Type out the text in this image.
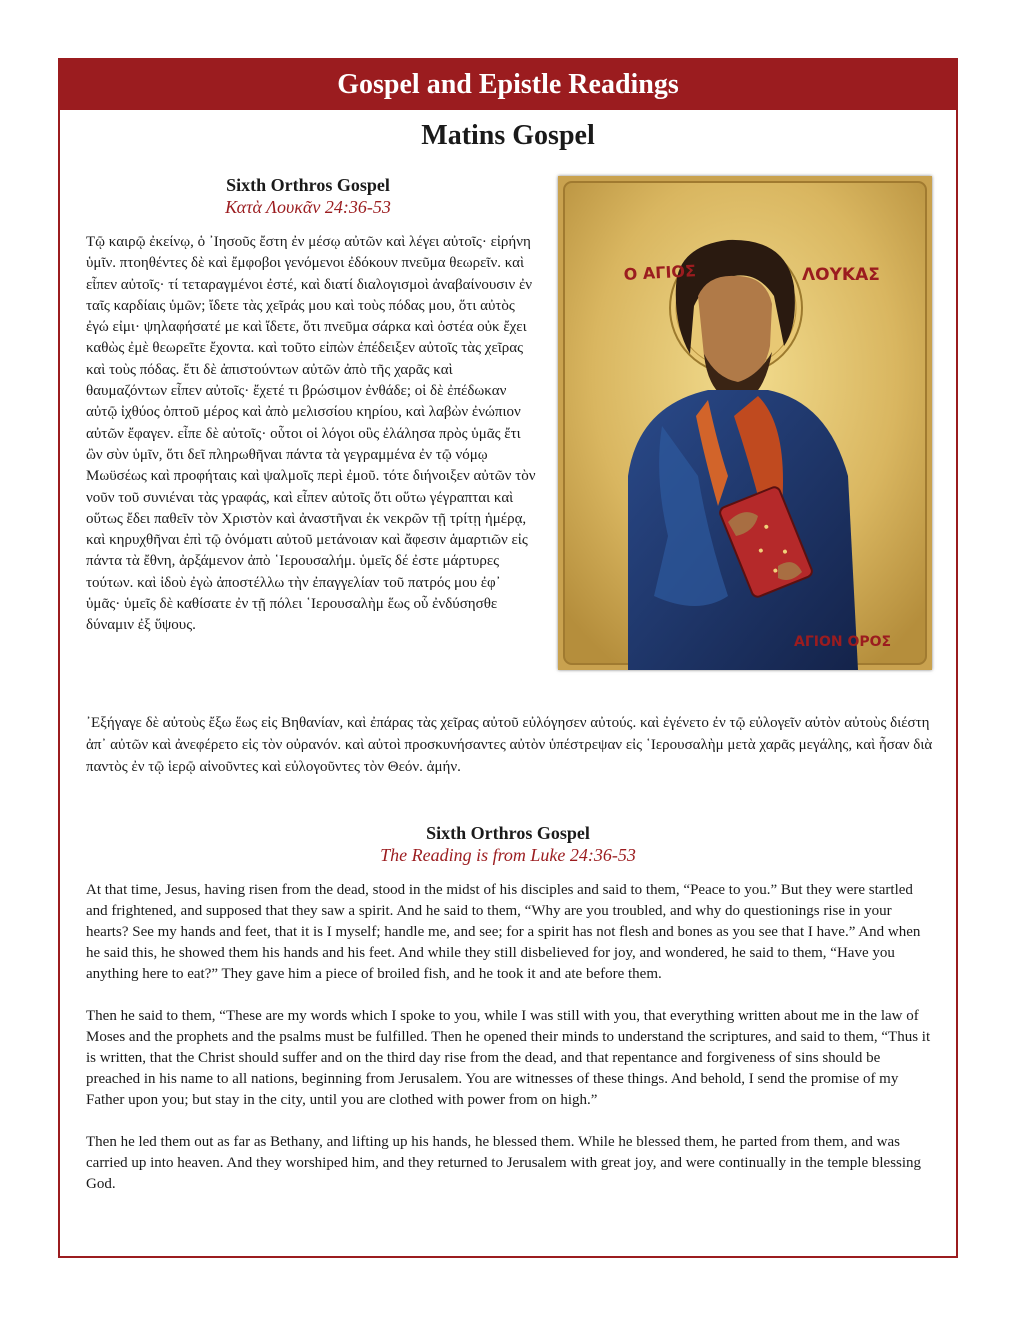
Gospel and Epistle Readings
Matins Gospel
Sixth Orthros Gospel
Κατὰ Λουκᾶν 24:36-53

Τῷ καιρῷ ἐκείνῳ, ὁ ᾿Ιησοῦς ἔστη ἐν μέσῳ αὐτῶν καὶ λέγει αὐτοῖς· εἰρήνη ὑμῖν. πτοηθέντες δὲ καὶ ἔμφοβοι γενόμενοι ἐδόκουν πνεῦμα θεωρεῖν. καὶ εἶπεν αὐτοῖς· τί τεταραγμένοι ἐστέ, καὶ διατί διαλογισμοὶ ἀναβαίνουσιν ἐν ταῖς καρδίαις ὑμῶν; ἴδετε τὰς χεῖράς μου καὶ τοὺς πόδας μου, ὅτι αὐτὸς ἐγώ εἰμι· ψηλαφήσατέ με καὶ ἴδετε, ὅτι πνεῦμα σάρκα καὶ ὀστέα οὐκ ἔχει καθὼς ἐμὲ θεωρεῖτε ἔχοντα. καὶ τοῦτο εἰπὼν ἐπέδειξεν αὐτοῖς τὰς χεῖρας καὶ τοὺς πόδας. ἔτι δὲ ἀπιστούντων αὐτῶν ἀπὸ τῆς χαρᾶς καὶ θαυμαζόντων εἶπεν αὐτοῖς· ἔχετέ τι βρώσιμον ἐνθάδε; οἱ δὲ ἐπέδωκαν αὐτῷ ἰχθύος ὀπτοῦ μέρος καὶ ἀπὸ μελισσίου κηρίου, καὶ λαβὼν ἐνώπιον αὐτῶν ἔφαγεν. εἶπε δὲ αὐτοῖς· οὗτοι οἱ λόγοι οὓς ἐλάλησα πρὸς ὑμᾶς ἔτι ὢν σὺν ὑμῖν, ὅτι δεῖ πληρωθῆναι πάντα τὰ γεγραμμένα ἐν τῷ νόμῳ Μωϋσέως καὶ προφήταις καὶ ψαλμοῖς περὶ ἐμοῦ. τότε διήνοιξεν αὐτῶν τὸν νοῦν τοῦ συνιέναι τὰς γραφάς, καὶ εἶπεν αὐτοῖς ὅτι οὕτω γέγραπται καὶ οὕτως ἔδει παθεῖν τὸν Χριστὸν καὶ ἀναστῆναι ἐκ νεκρῶν τῇ τρίτῃ ἡμέρᾳ, καὶ κηρυχθῆναι ἐπὶ τῷ ὀνόματι αὐτοῦ μετάνοιαν καὶ ἄφεσιν ἁμαρτιῶν εἰς πάντα τὰ ἔθνη, ἀρξάμενον ἀπὸ ῾Ιερουσαλήμ. ὑμεῖς δέ ἐστε μάρτυρες τούτων. καὶ ἰδοὺ ἐγὼ ἀποστέλλω τὴν ἐπαγγελίαν τοῦ πατρός μου ἐφ᾿ ὑμᾶς· ὑμεῖς δὲ καθίσατε ἐν τῇ πόλει ῾Ιερουσαλὴμ ἕως οὗ ἐνδύσησθε δύναμιν ἐξ ὕψους.

Ο ΑΓΙΟΣ	ΛΟΥΚΑΣ
ΑΓΙΟΝ ΟΡΟΣ

᾿Εξήγαγε δὲ αὐτοὺς ἔξω ἕως εἰς Βηθανίαν, καὶ ἐπάρας τὰς χεῖρας αὐτοῦ εὐλόγησεν αὐτούς. καὶ ἐγένετο ἐν τῷ εὐλογεῖν αὐτὸν αὐτοὺς διέστη ἀπ᾿ αὐτῶν καὶ ἀνεφέρετο εἰς τὸν οὐρανόν. καὶ αὐτοὶ προσκυνήσαντες αὐτὸν ὑπέστρεψαν εἰς ῾Ιερουσαλὴμ μετὰ χαρᾶς μεγάλης, καὶ ἦσαν διὰ παντὸς ἐν τῷ ἱερῷ αἰνοῦντες καὶ εὐλογοῦντες τὸν Θεόν. ἀμήν.

Sixth Orthros Gospel
The Reading is from Luke 24:36-53

At that time, Jesus, having risen from the dead, stood in the midst of his disciples and said to them, “Peace to you.” But they were startled and frightened, and supposed that they saw a spirit. And he said to them, “Why are you troubled, and why do questionings rise in your hearts? See my hands and feet, that it is I myself; handle me, and see; for a spirit has not flesh and bones as you see that I have.” And when he said this, he showed them his hands and his feet. And while they still disbelieved for joy, and wondered, he said to them, “Have you anything here to eat?” They gave him a piece of broiled fish, and he took it and ate before them.

Then he said to them, “These are my words which I spoke to you, while I was still with you, that everything written about me in the law of Moses and the prophets and the psalms must be fulfilled. Then he opened their minds to understand the scriptures, and said to them, “Thus it is written, that the Christ should suffer and on the third day rise from the dead, and that repentance and forgiveness of sins should be preached in his name to all nations, beginning from Jerusalem. You are witnesses of these things. And behold, I send the promise of my Father upon you; but stay in the city, until you are clothed with power from on high.”

Then he led them out as far as Bethany, and lifting up his hands, he blessed them. While he blessed them, he parted from them, and was carried up into heaven. And they worshiped him, and they returned to Jerusalem with great joy, and were continually in the temple blessing God.
